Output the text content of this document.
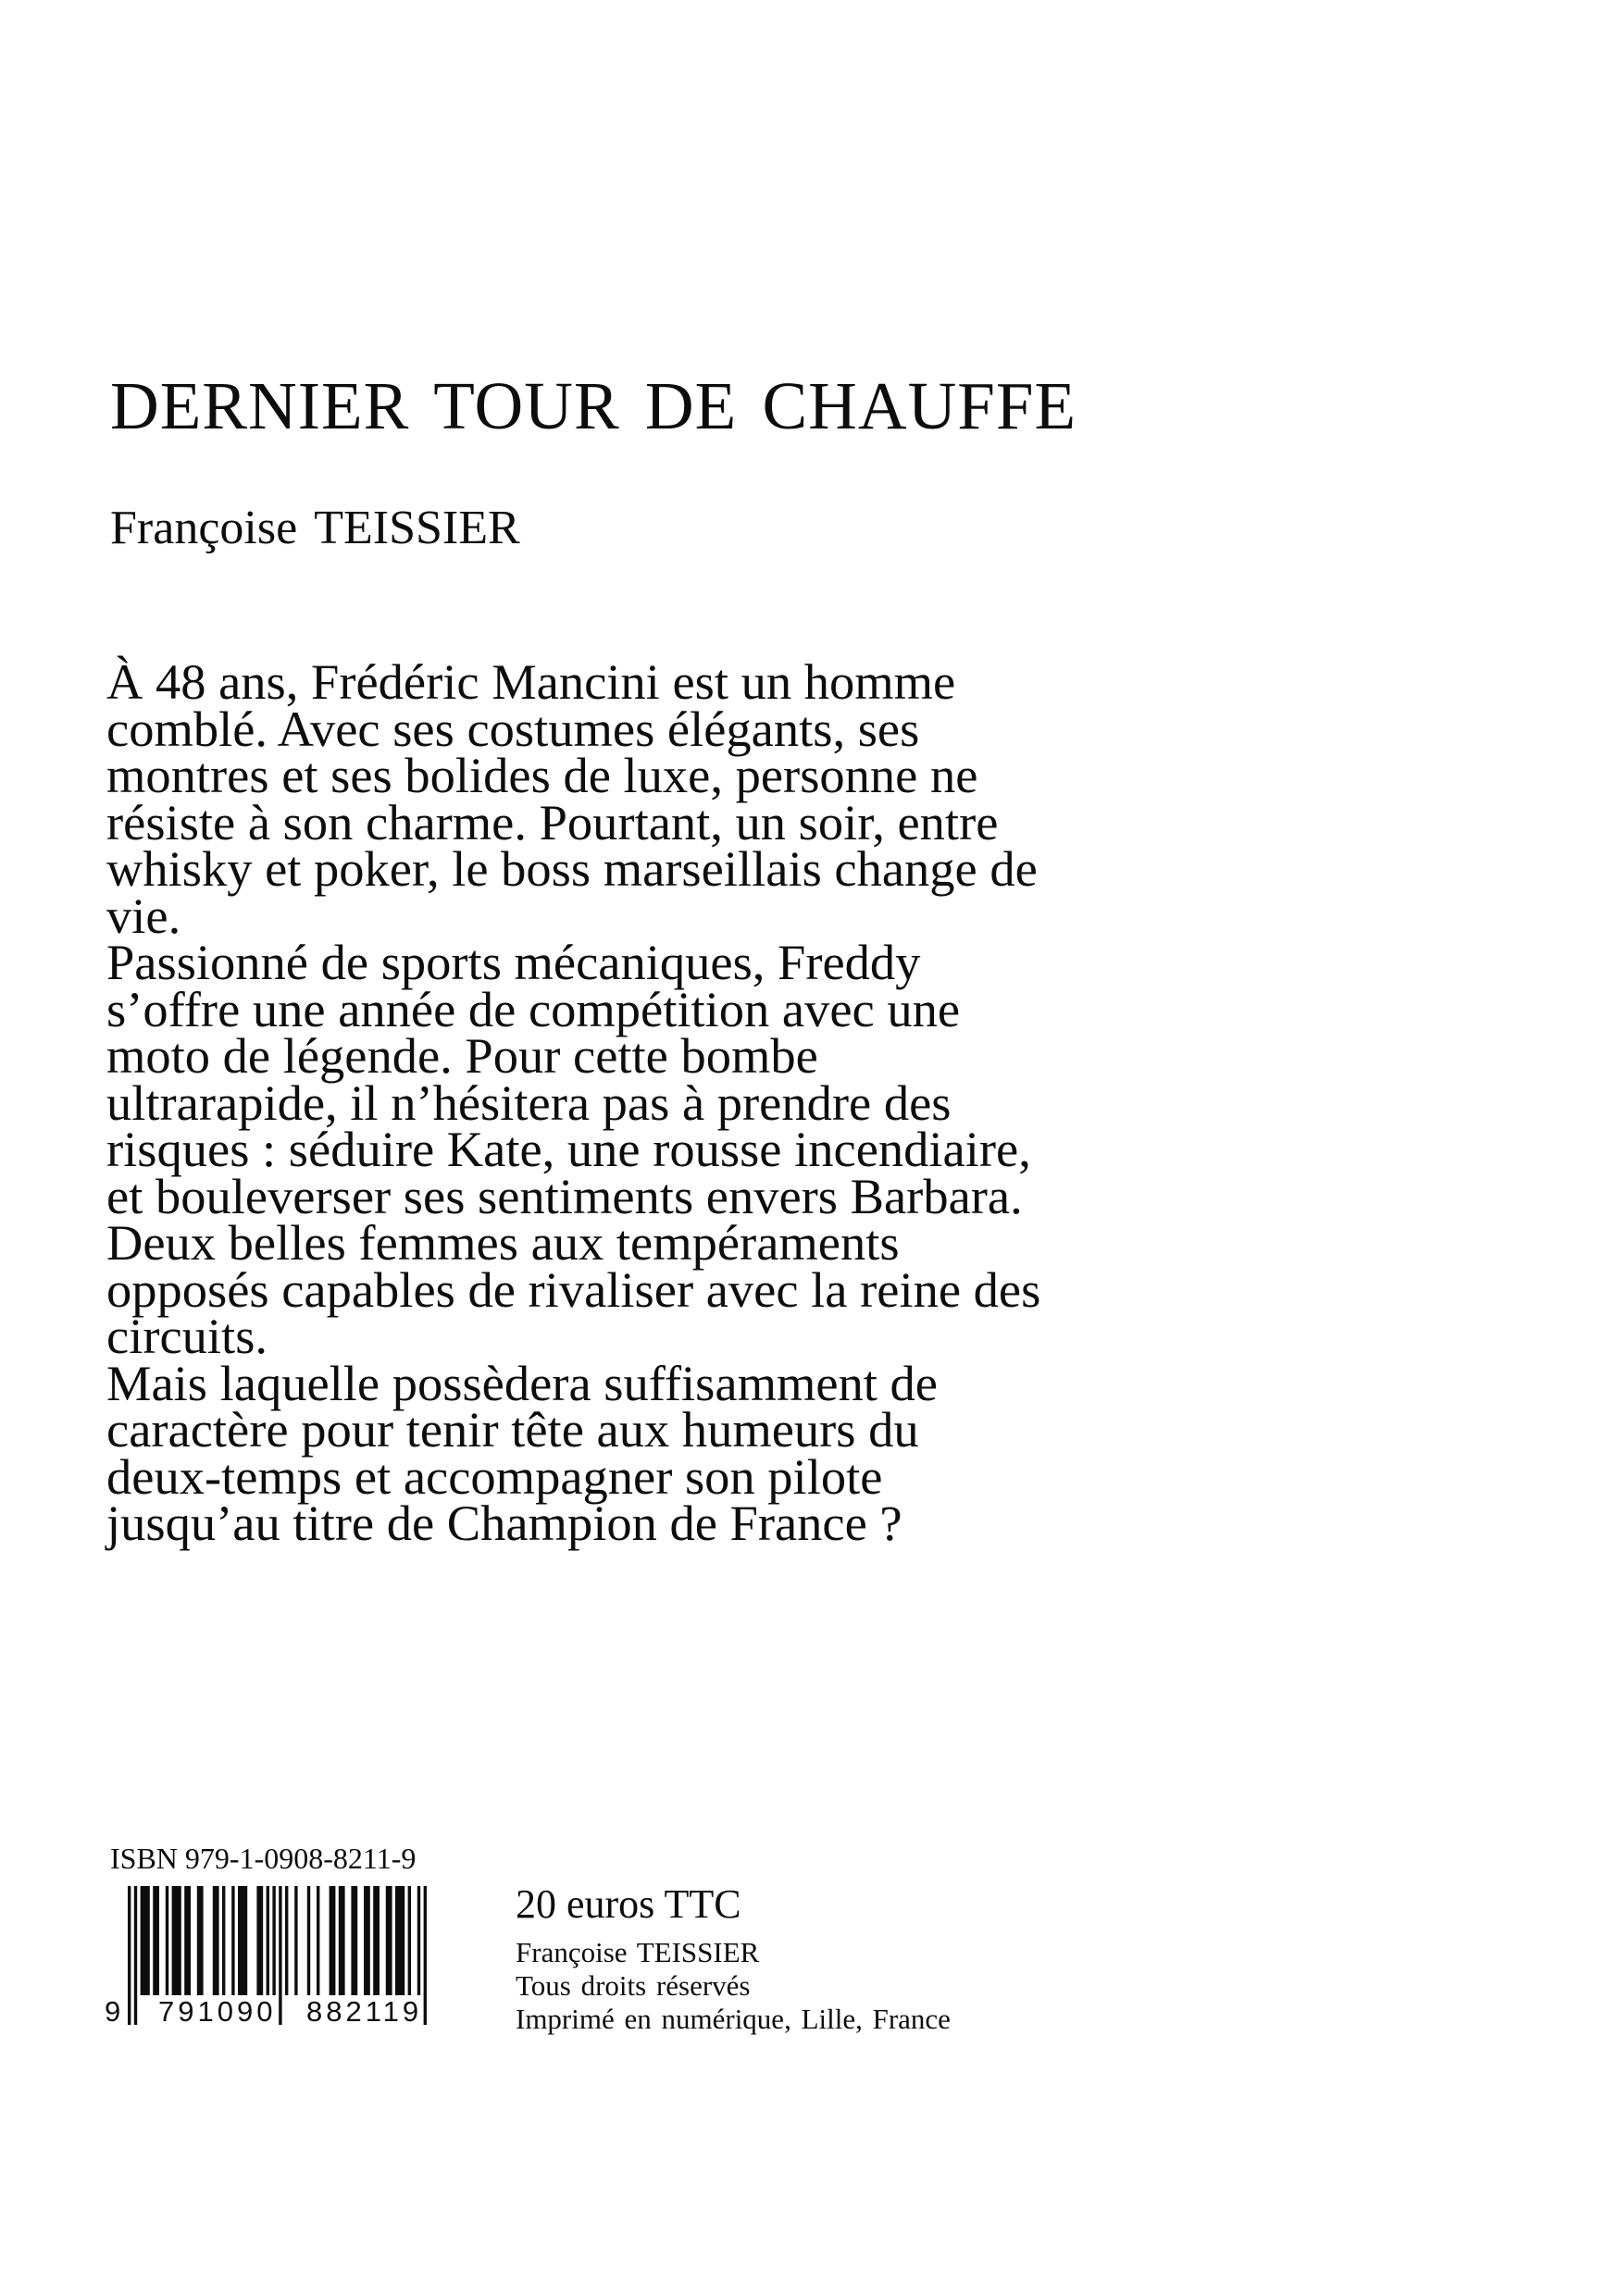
DERNIER TOUR DE CHAUFFE
Françoise TEISSIER
À 48 ans, Frédéric Mancini est un homme
comblé. Avec ses costumes élégants, ses
montres et ses bolides de luxe, personne ne
résiste à son charme. Pourtant, un soir, entre
whisky et poker, le boss marseillais change de
vie.
Passionné de sports mécaniques, Freddy
s’offre une année de compétition avec une
moto de légende. Pour cette bombe
ultrarapide, il n’hésitera pas à prendre des
risques : séduire Kate, une rousse incendiaire,
et bouleverser ses sentiments envers Barbara.
Deux belles femmes aux tempéraments
opposés capables de rivaliser avec la reine des
circuits.
Mais laquelle possèdera suffisamment de
caractère pour tenir tête aux humeurs du
deux-temps et accompagner son pilote
jusqu’au titre de Champion de France ?
ISBN 979-1-0908-8211-9
9 791090 882119
20 euros TTC
Françoise TEISSIER
Tous droits réservés
Imprimé en numérique, Lille, France
